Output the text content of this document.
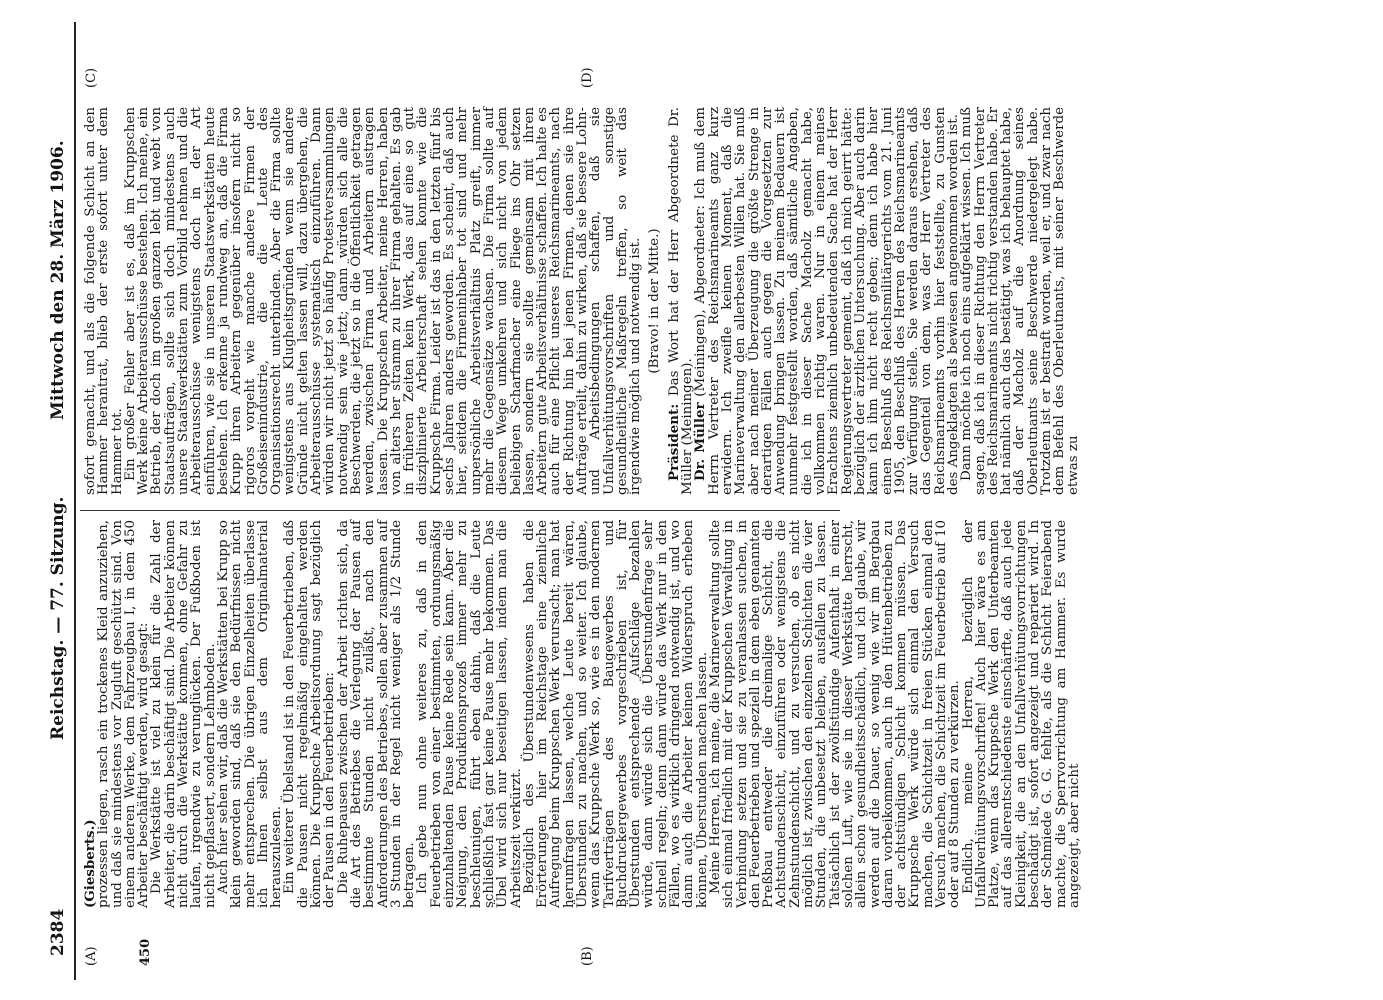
2384
Reichstag. — 77. Sitzung.
Mittwoch den 28. März 1906.
(A)	450	(B)
(C)	(D)

(Giesberts.)

prozessen liegen, rasch ein trockenes Kleid anzuziehen, und daß sie mindestens vor Zugluft geschützt sind. Von einem anderen Werke, dem Fahrzeugbau I, in dem 450 Arbeiter beschäftigt werden, wird gesagt:

Die Werkstätte ist viel zu klein für die Zahl der Arbeiter, die darin beschäftigt sind. Die Arbeiter können nicht durch die Werkstätte kommen, ohne Gefahr zu laufen, irgendwie zu verunglücken. Der Fußboden ist nicht gepflastert, sondern Lehmboden.

Auch hier sehen wir, daß die Werkstätten bei Krupp so klein geworden sind, daß sie den Bedürfnissen nicht mehr entsprechen. Die übrigen Einzelheiten überlasse ich Ihnen selbst aus dem Originalmaterial herauszulesen.

Ein weiterer Übelstand ist in den Feuerbetrieben, daß die Pausen nicht regelmäßig eingehalten werden können. Die Kruppsche Arbeitsordnung sagt bezüglich der Pausen in den Feuerbetrieben:

Die Ruhepausen zwischen der Arbeit richten sich, da die Art des Betriebes die Verlegung der Pausen auf bestimmte Stunden nicht zuläßt, nach den Anforderungen des Betriebes, sollen aber zusammen auf 3 Stunden in der Regel nicht weniger als 1/2 Stunde betragen.

Ich gebe nun ohne weiteres zu, daß in den Feuerbetrieben von einer bestimmten, ordnungsmäßig einzuhaltenden Pause keine Rede sein kann. Aber die Neigung, den Produktionsprozeß immer mehr zu beschleunigen, führt eben dahin, daß die Leute schließlich fast gar keine Pause mehr bekommen. Das Übel wird sich nur beseitigen lassen, indem man die Arbeitszeit verkürzt.

Bezüglich des Überstundenwesens haben die Erörterungen hier im Reichstage eine ziemliche Aufregung beim Kruppschen Werk verursacht; man hat herumfragen lassen, welche Leute bereit wären, Überstunden zu machen, und so weiter. Ich glaube, wenn das Kruppsche Werk so, wie es in den modernen Tarifverträgen des Baugewerbes und Buchdruckergewerbes vorgeschrieben ist, für Überstunden entsprechende Aufschläge bezahlen würde, dann würde sich die Überstundenfrage sehr schnell regeln; denn dann würde das Werk nur in den Fällen, wo es wirklich dringend notwendig ist, und wo dann auch die Arbeiter keinen Widerspruch erheben können, Überstunden machen lassen.

Meine Herren, ich meine, die Marineverwaltung sollte sich einmal friedlich mit der Kruppschen Verwaltung in Verbindung setzen und sie zu veranlassen suchen, in den Feuerbetrieben und speziell in dem eben genannten Preßbau entweder die dreimalige Schicht, die Achtstundenschicht, einzuführen oder wenigstens die Zehnstundenschicht, und zu versuchen, ob es nicht möglich ist, zwischen den einzelnen Schichten die vier Stunden, die unbesetzt bleiben, ausfallen zu lassen. Tatsächlich ist der zwölfstündige Aufenthalt in einer solchen Luft, wie sie in dieser Werkstätte herrscht, allein schon gesundheitsschädlich, und ich glaube, wir werden auf die Dauer, so wenig wie wir im Bergbau daran vorbeikommen, auch in den Hüttenbetrieben zu der achtstündigen Schicht kommen müssen. Das Kruppsche Werk würde sich einmal den Versuch machen, die Schichtzeit in freien Stücken einmal den Versuch machen, die Schichtzeit im Feuerbetrieb auf 10 oder auf 8 Stunden zu verkürzen.

Endlich, meine Herren, bezüglich der Unfallverhütungsvorschriften! Auch hier wäre es am Platze, wenn das Kruppsche Werk den Unterbeamten auf das allerentschiedenste einschärfte, daß auch jede Kleinigkeit, die an den Unfallverhütungsvorrichtungen beschädigt ist, sofort angezeigt und repariert wird. In der Schmiede G. G. fehlte, als die Schicht Feierabend machte, die Sperrvorrichtung am Hammer. Es wurde angezeigt, aber nicht

sofort gemacht, und als die folgende Schicht an den Hammer herantrat, blieb der erste sofort unter dem Hammer tot.

Ein großer Fehler aber ist es, daß im Kruppschen Werk keine Arbeiterausschüsse bestehen. Ich meine, ein Betrieb, der doch im großen ganzen lebt und webt von Staatsaufträgen, sollte sich doch mindestens auch unsere Staatswerkstätten zum Vorbild nehmen und die Arbeiterausschüsse wenigstens doch in der Art einführen, wie sie in unseren Staatswerkstätten heute bestehen. Ich erkenne ja rundweg an, daß die Firma Krupp ihren Arbeitern gegenüber insofern nicht so rigoros vorgeht wie manche andere Firmen der Großeisenindustrie, die die Leute des Organisationsrecht unterbinden. Aber die Firma sollte wenigstens aus Klugheitsgründen wenn sie andere Gründe nicht gelten lassen will, dazu übergehen, die Arbeiterausschüsse systematisch einzuführen. Dann würden wir nicht jetzt so häufig Protestversammlungen notwendig sein wie jetzt; dann würden sich alle die Beschwerden, die jetzt so in die Öffentlichkeit getragen werden, zwischen Firma und Arbeitern austragen lassen. Die Kruppschen Arbeiter, meine Herren, haben von alters her stramm zu ihrer Firma gehalten. Es gab in früheren Zeiten kein Werk, das auf eine so gut disziplinierte Arbeiterschaft sehen konnte wie die Kruppsche Firma. Leider ist das in den letzten fünf bis sechs Jahren anders geworden. Es scheint, daß auch hier, seitdem die Firmeninhaber tot sind und mehr unpersönliche Arbeitsverhältnis Platz greift, immer mehr die Gegensätze wachsen. Die Firma sollte auf diesem Wege umkehren und sich nicht von jedem beliebigen Scharfmacher eine Fliege ins Ohr setzen lassen, sondern sie sollte gemeinsam mit ihren Arbeitern gute Arbeitsverhältnisse schaffen. Ich halte es auch für eine Pflicht unseres Reichsmarineamts, nach der Richtung hin bei jenen Firmen, denen sie ihre Aufträge erteilt, dahin zu wirken, daß sie bessere Lohn- und Arbeitsbedingungen schaffen, daß sie Unfallverhütungsvorschriften und sonstige gesundheitliche Maßregeln treffen, so weit das irgendwie möglich und notwendig ist. (Bravo! in der Mitte.)

Präsident: Das Wort hat der Herr Abgeordnete Dr. Müller (Meiningen).

Dr. Müller (Meiningen), Abgeordneter: Ich muß dem Herrn Vertreter des Reichsmarineamts ganz kurz erwidern. Ich zweifle keinen Moment, daß die Marineverwaltung den allerbesten Willen hat. Sie muß aber nach meiner Überzeugung die größte Strenge in derartigen Fällen auch gegen die Vorgesetzten zur Anwendung bringen lassen. Zu meinem Bedauern ist nunmehr festgestellt worden, daß sämtliche Angaben, die ich in dieser Sache Macholz gemacht habe, vollkommen richtig waren. Nur in einem meines Erachtens ziemlich unbedeutenden Sache hat der Herr Regierungsvertreter gemeint, daß ich mich geirrt hätte: bezüglich der ärztlichen Untersuchung. Aber auch darin kann ich ihm nicht recht geben; denn ich habe hier einen Beschluß des Reichsmilitärgerichts vom 21. Juni 1905, den Beschluß des Herren des Reichsmarineamts zur Verfügung stelle. Sie werden daraus ersehen, daß das Gegenteil von dem, was der Herr Vertreter des Reichsmarineamts vorhin hier feststellte, zu Gunsten des Angeklagten als bewiesen angenommen worden ist.

Dann möchte ich noch eins aufgeklärt wissen. Ich muß sagen, daß ich in dieser Richtung den Herrn Vertreter des Reichsmarineamts nicht richtig verstanden habe. Er hat nämlich auch das bestätigt, was ich behauptet habe, daß der Macholz auf die Anordnung seines Oberleutnants seine Beschwerde niedergelegt habe. Trotzdem ist er bestraft worden, weil er, und zwar nach dem Befehl des Oberleutnants, mit seiner Beschwerde etwas zu
